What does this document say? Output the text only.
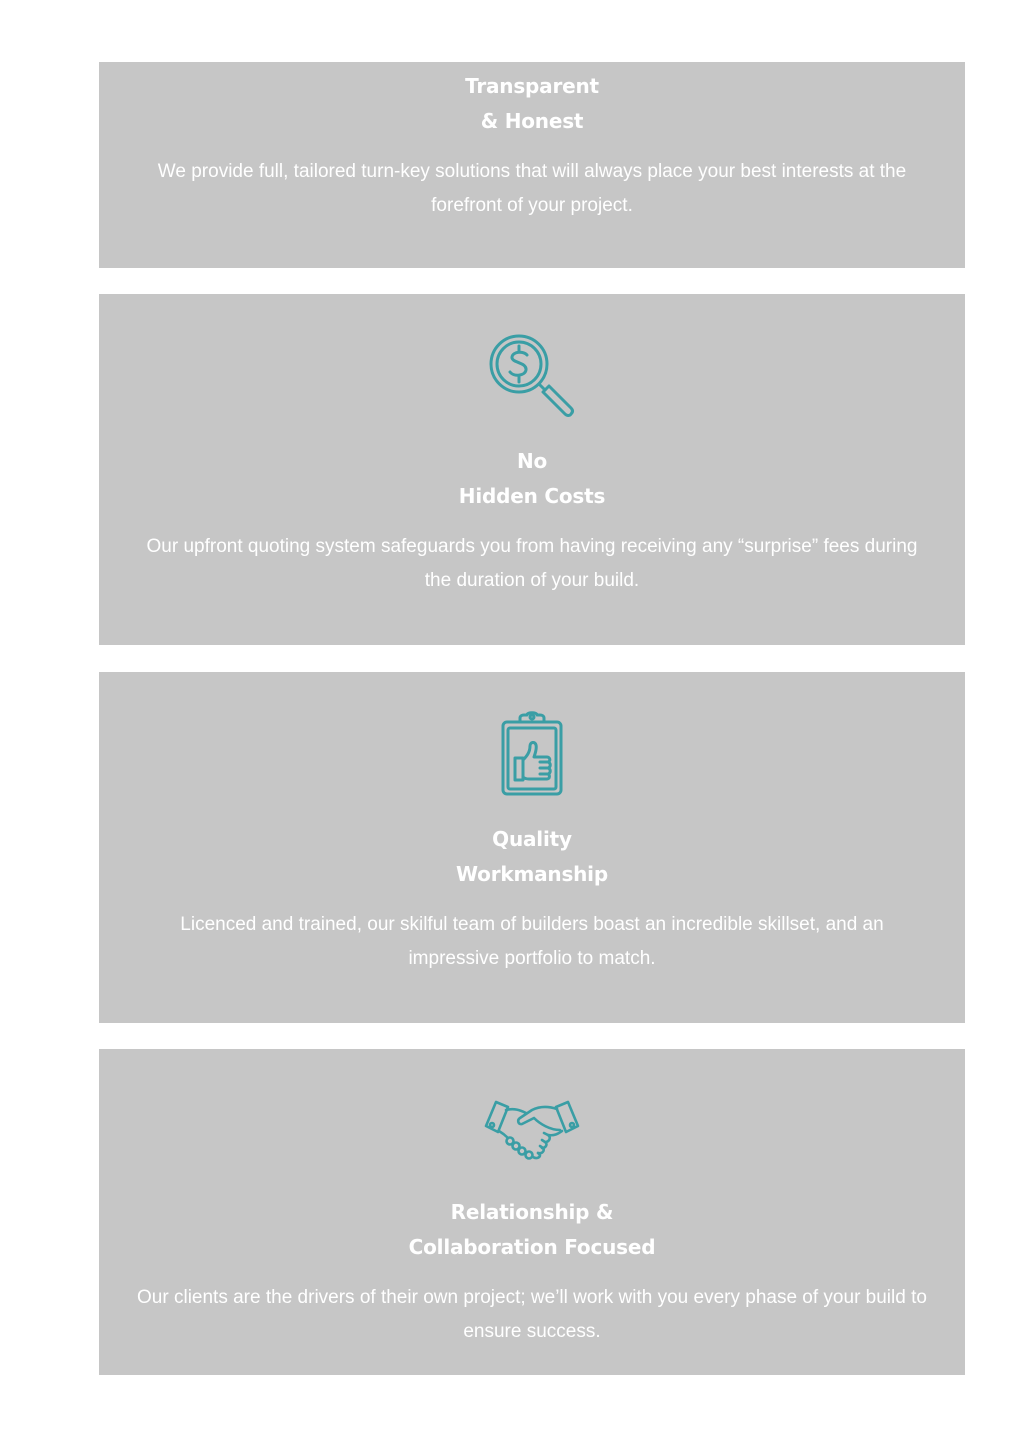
Transparent
& Honest

We provide full, tailored turn-key solutions that will always place your best interests at the forefront of your project.

No
Hidden Costs

Our upfront quoting system safeguards you from having receiving any “surprise” fees during the duration of your build.

Quality
Workmanship

Licenced and trained, our skilful team of builders boast an incredible skillset, and an impressive portfolio to match.

Relationship &
Collaboration Focused

Our clients are the drivers of their own project; we’ll work with you every phase of your build to ensure success.
